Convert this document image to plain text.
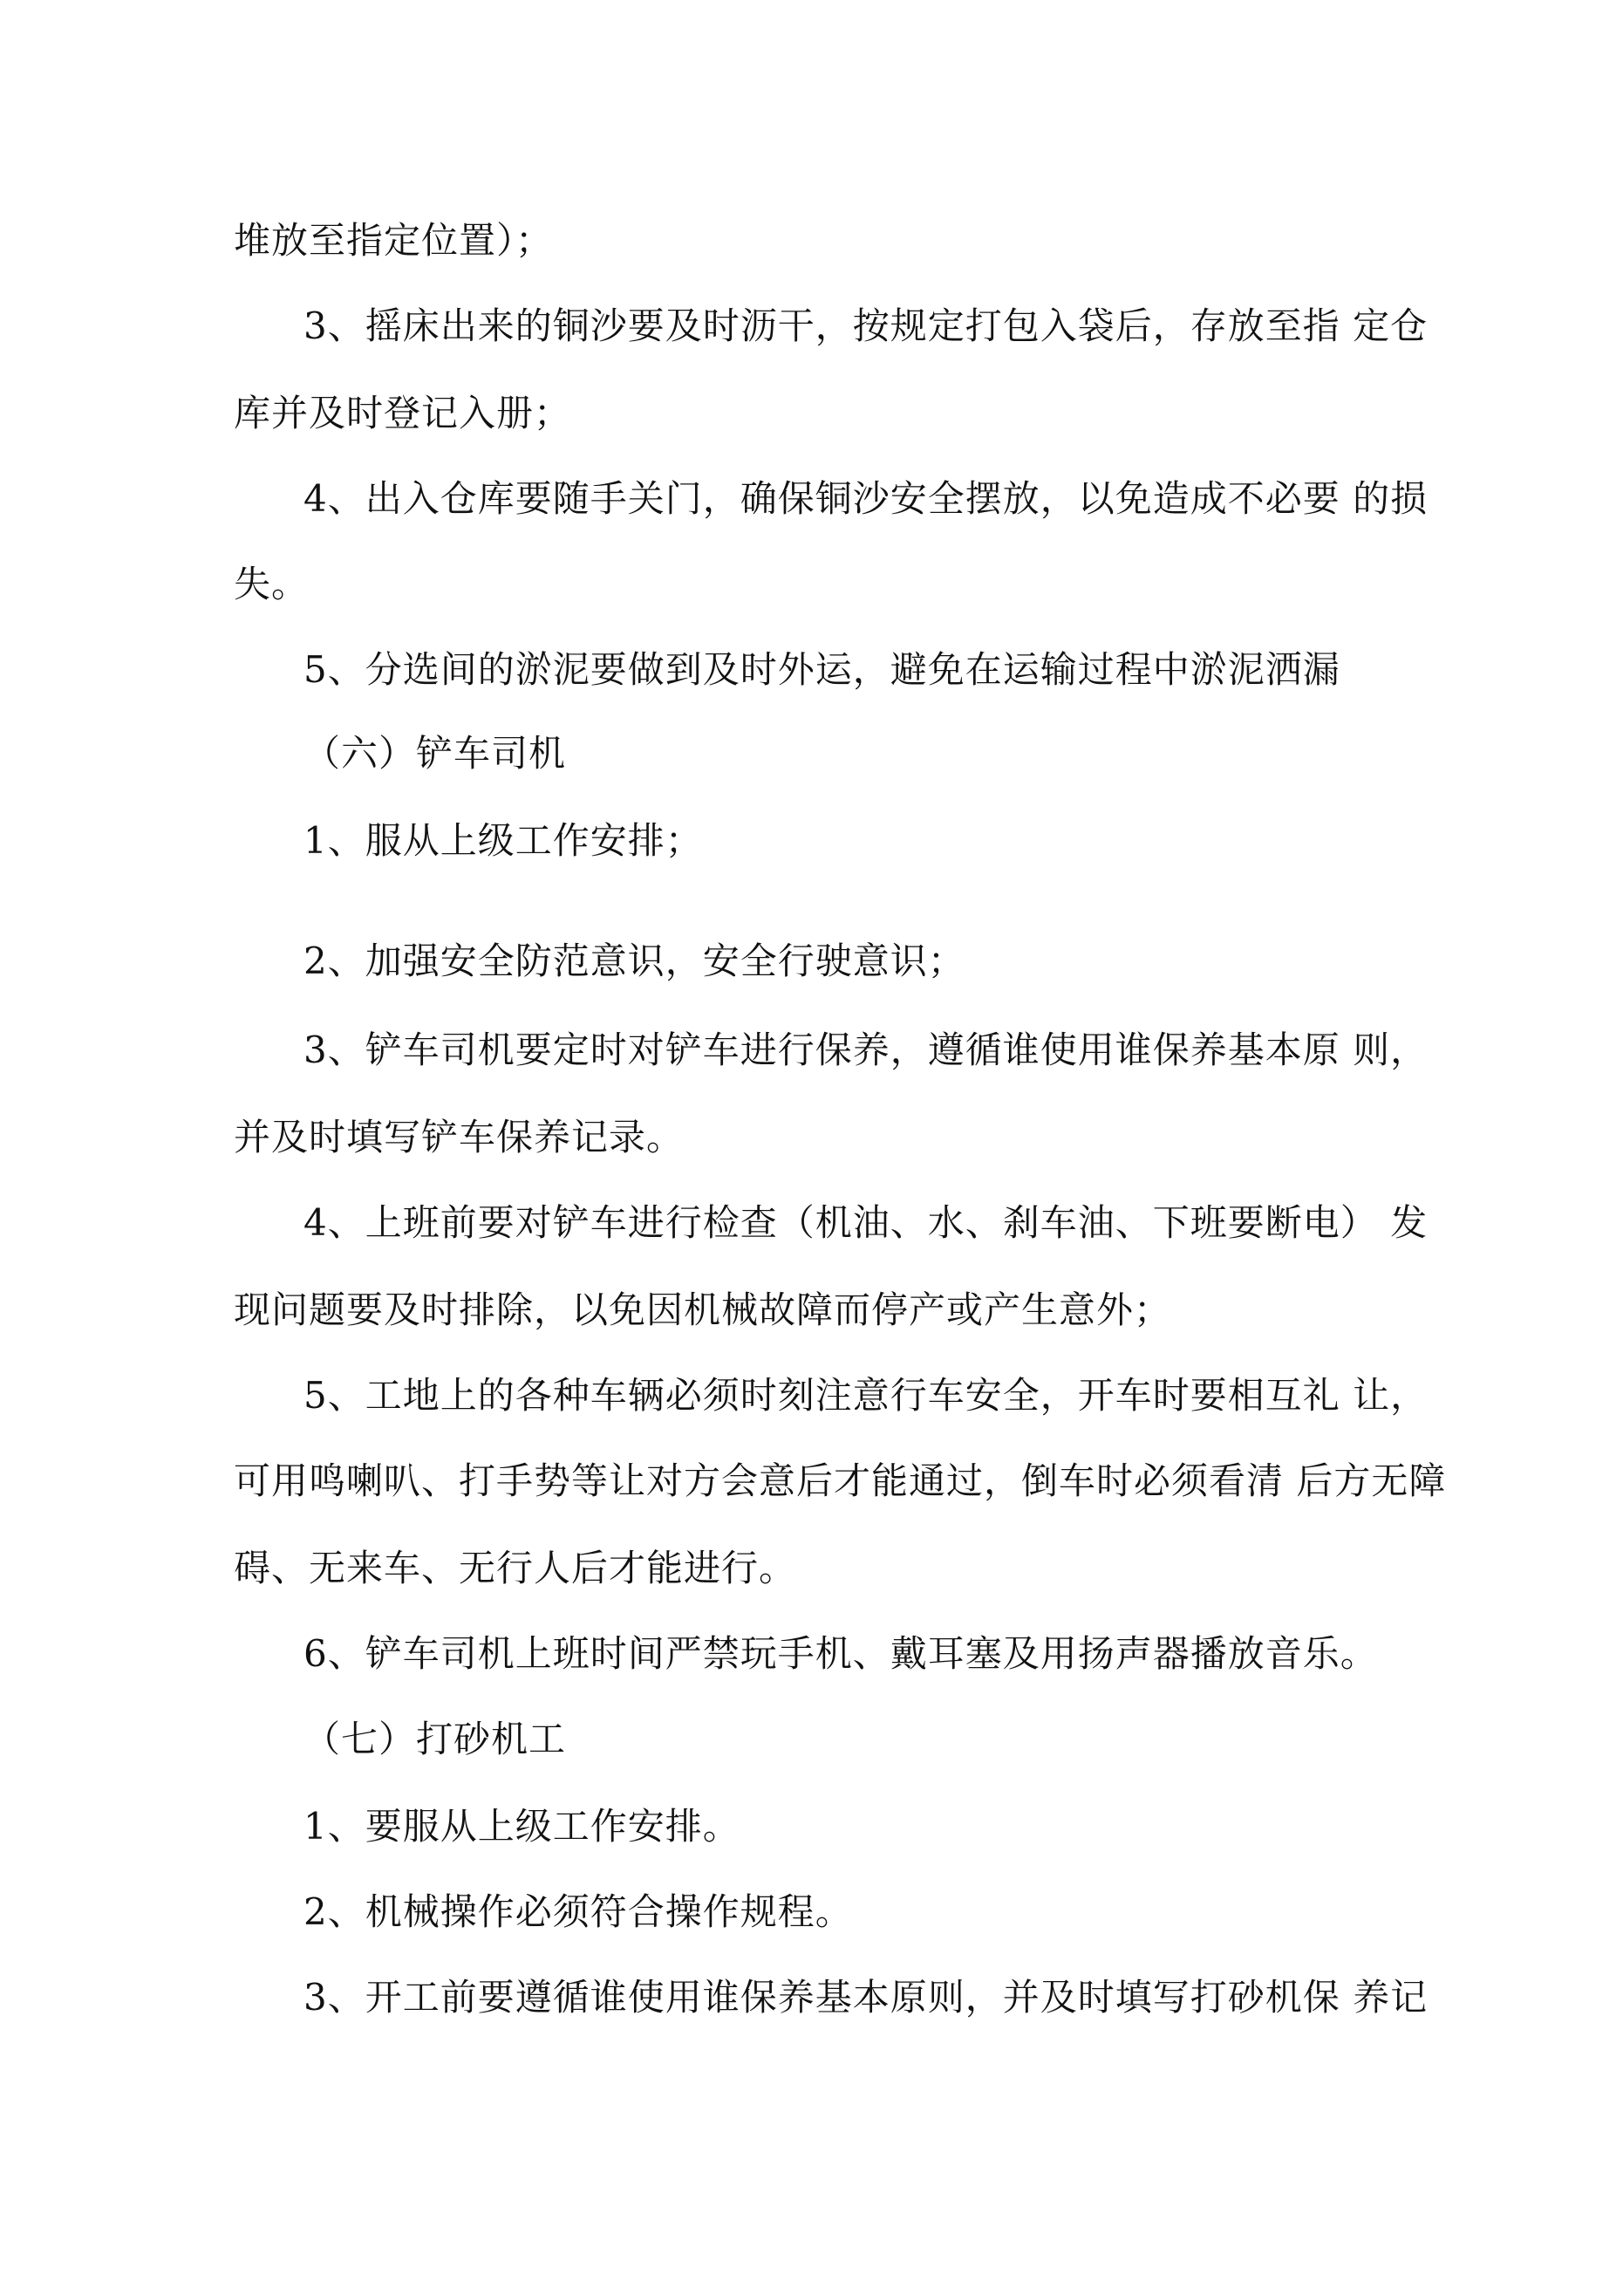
堆放至指定位置）；
3、摇床出来的铜沙要及时沥干，按规定打包入袋后，存放至指 定仓
库并及时登记入册；
4、出入仓库要随手关门，确保铜沙安全摆放，以免造成不必要 的损
失。
5、分选间的淤泥要做到及时外运，避免在运输过程中淤泥洒漏
（六）铲车司机
1、服从上级工作安排；
2、加强安全防范意识，安全行驶意识；
3、铲车司机要定时对铲车进行保养，遵循谁使用谁保养基本原 则，
并及时填写铲车保养记录。
4、上班前要对铲车进行检查（机油、水、刹车油、下班要断电） 发
现问题要及时排除，以免因机械故障而停产或产生意外；
5、工地上的各种车辆必须时刻注意行车安全，开车时要相互礼 让，
可用鸣喇叭、打手势等让对方会意后才能通过，倒车时必须看清 后方无障
碍、无来车、无行人后才能进行。
6、铲车司机上班时间严禁玩手机、戴耳塞及用扬声器播放音乐。
（七）打砂机工
1、要服从上级工作安排。
2、机械操作必须符合操作规程。
3、开工前要遵循谁使用谁保养基本原则，并及时填写打砂机保 养记
